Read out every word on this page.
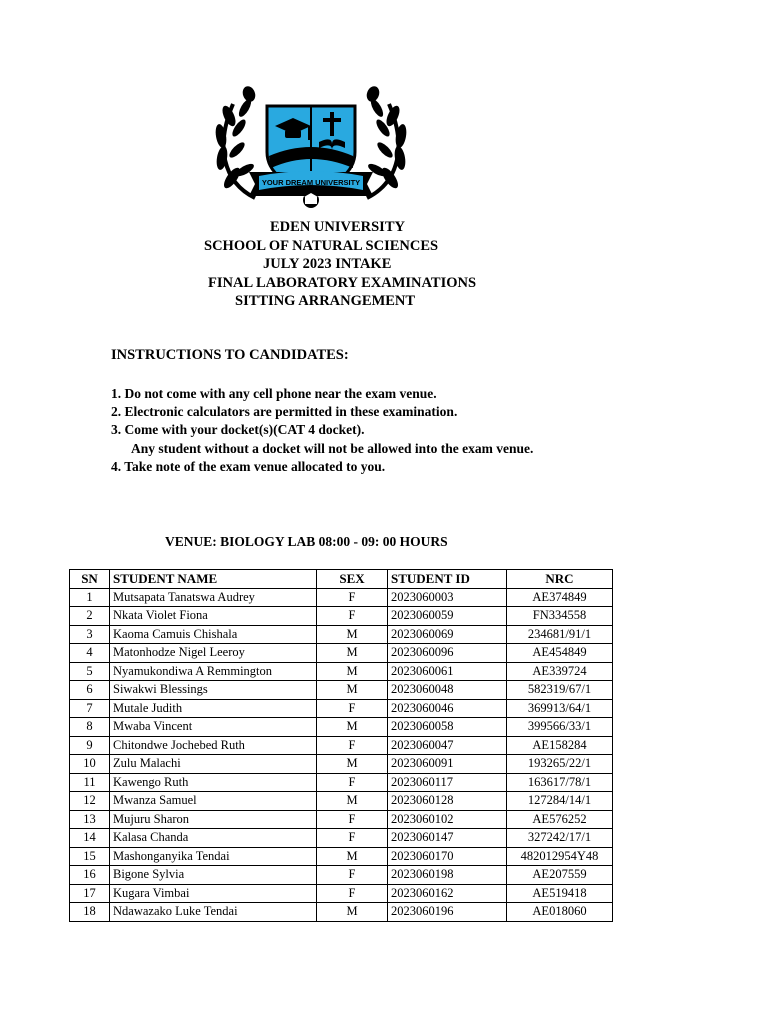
YOUR DREAM UNIVERSITY
EDEN UNIVERSITY
SCHOOL OF NATURAL SCIENCES
JULY 2023 INTAKE
FINAL LABORATORY EXAMINATIONS
SITTING ARRANGEMENT
INSTRUCTIONS TO CANDIDATES:
1. Do not come with any cell phone near the exam venue.
2. Electronic calculators are permitted in these examination.
3. Come with your docket(s)(CAT 4 docket).
Any student without a docket will not be allowed into the exam venue.
4. Take note of the exam venue allocated to you.
VENUE: BIOLOGY LAB 08:00 - 09: 00 HOURS
SN	STUDENT NAME	SEX	STUDENT ID	NRC
1	Mutsapata Tanatswa Audrey	F	2023060003	AE374849
2	Nkata Violet Fiona	F	2023060059	FN334558
3	Kaoma Camuis Chishala	M	2023060069	234681/91/1
4	Matonhodze Nigel Leeroy	M	2023060096	AE454849
5	Nyamukondiwa A Remmington	M	2023060061	AE339724
6	Siwakwi Blessings	M	2023060048	582319/67/1
7	Mutale Judith	F	2023060046	369913/64/1
8	Mwaba Vincent	M	2023060058	399566/33/1
9	Chitondwe Jochebed Ruth	F	2023060047	AE158284
10	Zulu Malachi	M	2023060091	193265/22/1
11	Kawengo Ruth	F	2023060117	163617/78/1
12	Mwanza Samuel	M	2023060128	127284/14/1
13	Mujuru Sharon	F	2023060102	AE576252
14	Kalasa Chanda	F	2023060147	327242/17/1
15	Mashonganyika Tendai	M	2023060170	482012954Y48
16	Bigone Sylvia	F	2023060198	AE207559
17	Kugara Vimbai	F	2023060162	AE519418
18	Ndawazako Luke Tendai	M	2023060196	AE018060
